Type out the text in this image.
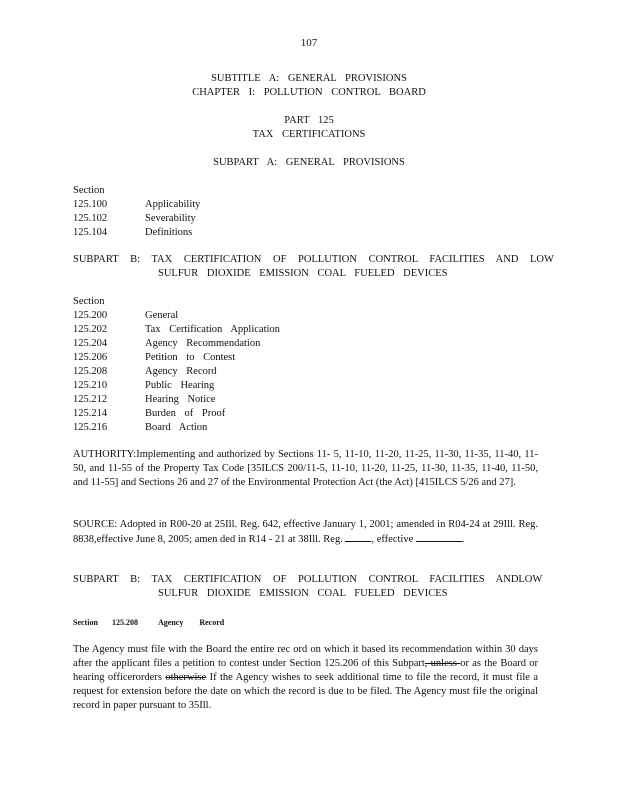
107
SUBTITLE A: GENERAL PROVISIONS
CHAPTER I: POLLUTION CONTROL BOARD
PART 125
TAX CERTIFICATIONS
SUBPART A: GENERAL PROVISIONS
Section
125.100	Applicability
125.102	Severability
125.104	Definitions
SUBPART B: TAX CERTIFICATION OF POLLUTION CONTROL FACILITIES AND LOW
SULFUR DIOXIDE EMISSION COAL FUELED DEVICES
Section
125.200	General
125.202	Tax Certification Application
125.204	Agency Recommendation
125.206	Petition to Contest
125.208	Agency Record
125.210	Public Hearing
125.212	Hearing Notice
125.214	Burden of Proof
125.216	Board Action
AUTHORITY:Implementing and authorized by Sections 11- 5, 11-10, 11-20, 11-25, 11-30, 11-35, 11-40, 11-50, and 11-55 of the Property Tax Code [35ILCS 200/11-5, 11-10, 11-20, 11-25, 11-30, 11-35, 11-40, 11-50, and 11-55] and Sections 26 and 27 of the Environmental Protection Act (the Act) [415ILCS 5/26 and 27].
SOURCE: Adopted in R00-20 at 25Ill. Reg. 642, effective January 1, 2001; amended in R04-24 at 29Ill. Reg. 8838,effective June 8, 2005; amen ded in R14 - 21 at 38Ill. Reg.	, effective	.
SUBPART B: TAX CERTIFICATION OF POLLUTION CONTROL FACILITIES ANDLOW
SULFUR DIOXIDE EMISSION COAL FUELED DEVICES
Section 125.208	Agency Record
The Agency must file with the Board the entire rec ord on which it based its recommendation within 30 days after the applicant files a petition to contest under Section 125.206 of this Subpart, unless or as the Board or hearing officerorders otherwise If the Agency wishes to seek additional time to file the record, it must file a request for extension before the date on which the record is due to be filed. The Agency must file the original record in paper pursuant to 35Ill.
